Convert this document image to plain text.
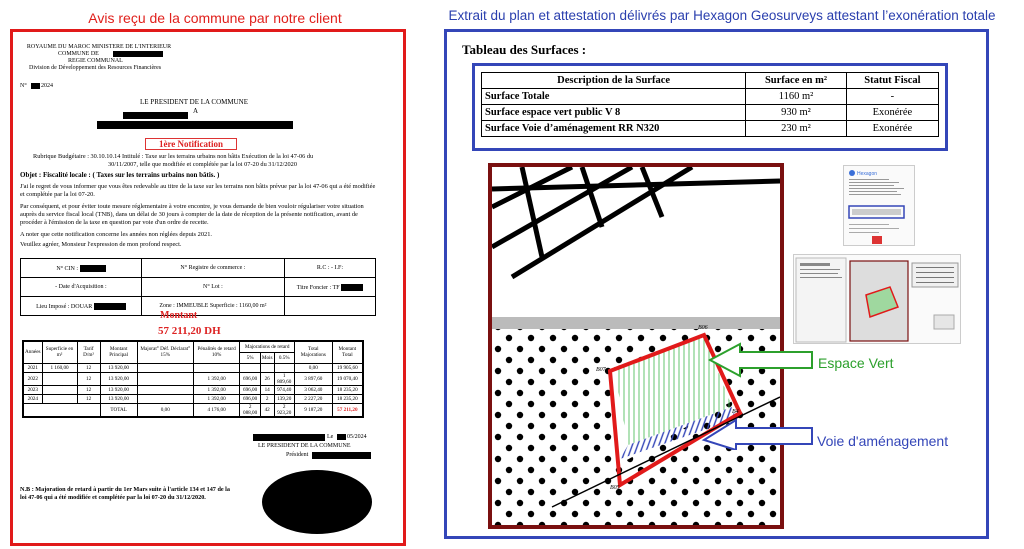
Avis reçu de la commune par notre client	Extrait du plan et attestation délivrés par Hexagon Geosurveys attestant l’exonération totale
ROYAUME DU MAROC MINISTERE DE L'INTERIEUR
COMMUNE DE
REGIE COMMUNAL
Division de Développement des Resources Financières
N° 2024
LE PRESIDENT DE LA COMMUNE
A
1ère Notification
Rubrique Budgétaire : 30.10.10.14 Intitulé : Taxe sur les terrains urbains non bâtis Exécution de la loi 47-06 du
30/11/2007, telle que modifiée et complétée par la loi 07-20 du 31/12/2020
Objet : Fiscalité locale : ( Taxes sur les terrains urbains non bâtis. )
J'ai le regret de vous informer que vous êtes redevable au titre de la taxe sur les terrains non bâtis prévue par la loi 47-06 qui a été modifiée et complétée par la loi 07-20.
Par conséquent, et pour éviter toute mesure réglementaire à votre encontre, je vous demande de bien vouloir régulariser votre situation auprès du service fiscal local (TNB), dans un délai de 30 jours à compter de la date de réception de la présente notification, avant de procéder à l'émission de la taxe en question par voie d'un ordre de recette.
A noter que cette notification concerne les années non réglées depuis 2021.
Veuillez agréer, Monsieur l'expression de mon profond respect.
N° CIN :	N° Registre de commerce :	R.C : - I.F:
- Date d'Acquisition :	N° Lot :	Titre Foncier : TF
Lieu Imposé : DOUAR	Zone : IMMEUBLE Superficie : 1160,00 m²	
Montant
57 211,20 DH
Années	Superficie en m²	Tarif D/m²	Montant Principal	Majorat° Déf. Déclarat° 15%	Pénalités de retard 10%	Majorations de retard			Total Majorations	Montant Total
						5%	Mois	0.5%		
2021	1 160,00	12	13 920,00						0,00	19 905,60
2022		12	13 920,00		1 392,00	696,00	26	1 809,60	3 897,60	19 070,40
2023		12	13 920,00		1 392,00	696,00	14	974,40	3 062,40	18 235,20
2024		12	13 920,00		1 392,00	696,00	2	139,20	2 227,20	18 235,20
			TOTAL	0,00	4 176,00	2 088,00	42	2 923,20	9 187,20	57 211,20
Le 05/2024
LE PRESIDENT DE LA COMMUNE
Président
N.B : Majoration de retard à partir du 1er Mars suite à l'article 134 et 147 de la loi 47-06 qui a été modifiée et complétée par la loi 07-20 du 31/12/2020.
Tableau des Surfaces :
Description de la Surface	Surface en m²	Statut Fiscal
Surface Totale	1160 m²	-
Surface espace vert public V 8	930 m²	Exonérée
Surface Voie d’aménagement RR N320	230 m²	Exonérée
B06
B07
B05
B4
Hexagon
Espace Vert
Voie d'aménagement
